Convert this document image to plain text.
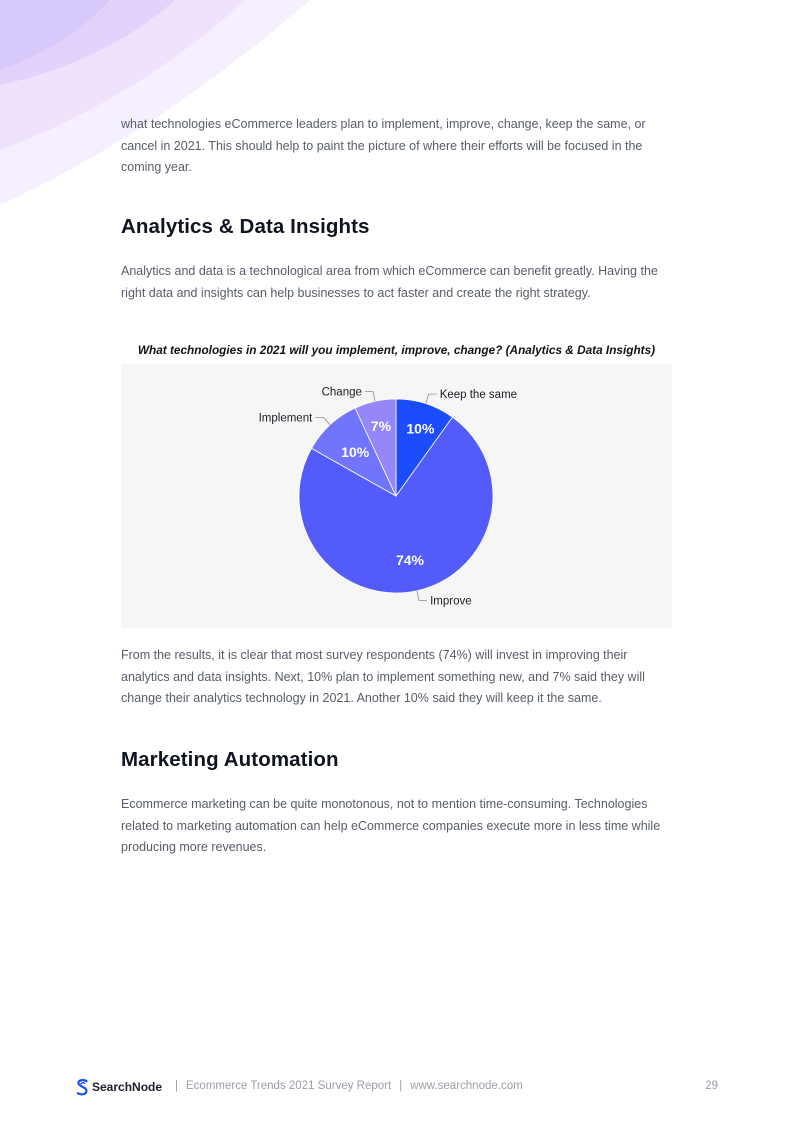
what technologies eCommerce leaders plan to implement, improve, change, keep the same, or cancel in 2021. This should help to paint the picture of where their efforts will be focused in the coming year.

Analytics & Data Insights

Analytics and data is a technological area from which eCommerce can benefit greatly. Having the right data and insights can help businesses to act faster and create the right strategy.

What technologies in 2021 will you implement, improve, change? (Analytics & Data Insights)

10%
Keep the same
74%
Improve
10%
Implement	7%
Change

From the results, it is clear that most survey respondents (74%) will invest in improving their analytics and data insights. Next, 10% plan to implement something new, and 7% said they will change their analytics technology in 2021. Another 10% said they will keep it the same.

Marketing Automation

Ecommerce marketing can be quite monotonous, not to mention time-consuming. Technologies related to marketing automation can help eCommerce companies execute more in less time while producing more revenues.

SearchNode	| Ecommerce Trends 2021 Survey Report | www.searchnode.com	29
